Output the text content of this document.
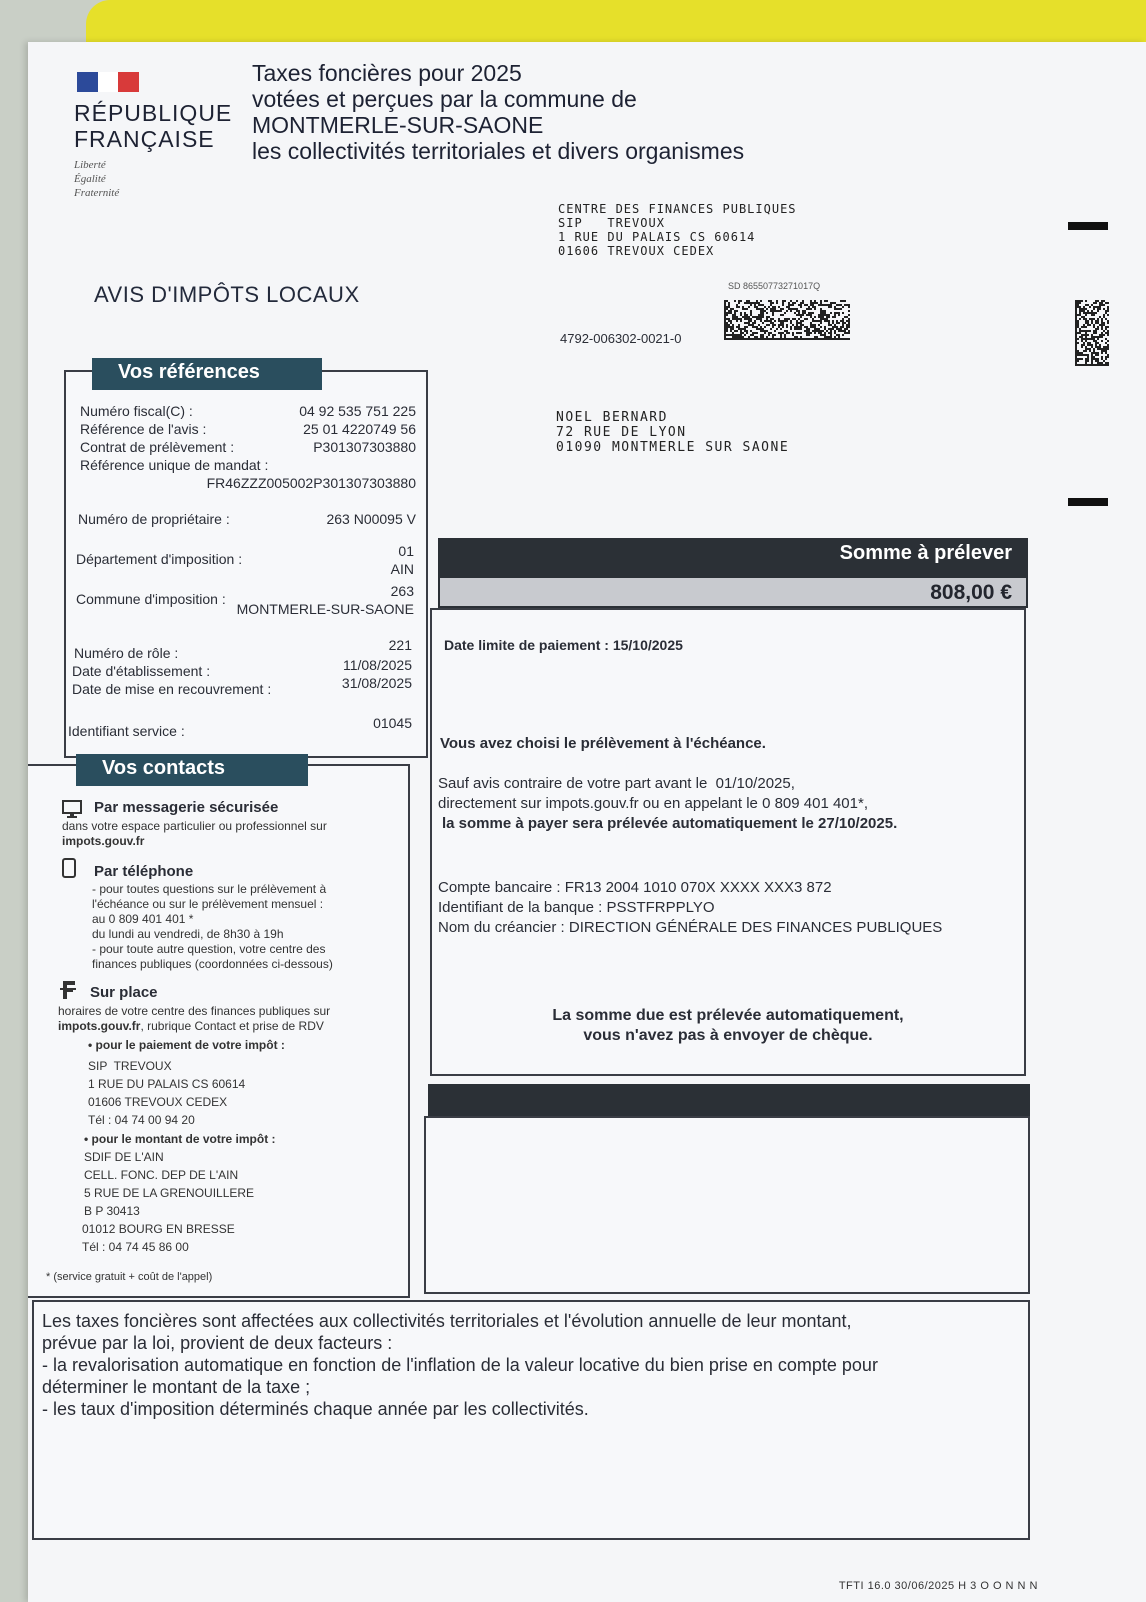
RÉPUBLIQUE
FRANÇAISE
Liberté
Égalité
Fraternité
Taxes foncières pour 2025
votées et perçues par la commune de
MONTMERLE-SUR-SAONE
les collectivités territoriales et divers organismes
CENTRE DES FINANCES PUBLIQUES
SIP   TREVOUX
1 RUE DU PALAIS CS 60614
01606 TREVOUX CEDEX
AVIS D'IMPÔTS LOCAUX	SD 86550773271017Q
4792-006302-0021-0
NOEL BERNARD
72 RUE DE LYON
01090 MONTMERLE SUR SAONE
Numéro fiscal(C) :	04 92 535 751 225
Référence de l'avis :	25 01 4220749 56
Contrat de prélèvement :	P301307303880
Référence unique de mandat :
FR46ZZZ005002P301307303880
Numéro de propriétaire :	263 N00095 V
Département d'imposition :	01
AIN
Commune d'imposition :	263
MONTMERLE-SUR-SAONE
Numéro de rôle :	221
Date d'établissement :	11/08/2025
Date de mise en recouvrement :	31/08/2025
Identifiant service :	01045
Vos références
Par messagerie sécurisée
dans votre espace particulier ou professionnel sur
impots.gouv.fr
Par téléphone
- pour toutes questions sur le prélèvement à
l'échéance ou sur le prélèvement mensuel :
au 0 809 401 401 *
du lundi au vendredi, de 8h30 à 19h
- pour toute autre question, votre centre des
finances publiques (coordonnées ci-dessous)
Sur place
horaires de votre centre des finances publiques sur
impots.gouv.fr, rubrique Contact et prise de RDV
• pour le paiement de votre impôt :
SIP  TREVOUX
1 RUE DU PALAIS CS 60614
01606 TREVOUX CEDEX
Tél : 04 74 00 94 20
• pour le montant de votre impôt :
SDIF DE L'AIN
CELL. FONC. DEP DE L'AIN
5 RUE DE LA GRENOUILLERE
B P 30413
01012 BOURG EN BRESSE
Tél : 04 74 45 86 00
* (service gratuit + coût de l'appel)
Vos contacts
Somme à prélever
808,00 €
Date limite de paiement : 15/10/2025
Vous avez choisi le prélèvement à l'échéance.
Sauf avis contraire de votre part avant le  01/10/2025,
directement sur impots.gouv.fr ou en appelant le 0 809 401 401*,
la somme à payer sera prélevée automatiquement le 27/10/2025.
Compte bancaire : FR13 2004 1010 070X XXXX XXX3 872
Identifiant de la banque : PSSTFRPPLYO
Nom du créancier : DIRECTION GÉNÉRALE DES FINANCES PUBLIQUES
La somme due est prélevée automatiquement,
vous n'avez pas à envoyer de chèque.
Les taxes foncières sont affectées aux collectivités territoriales et l'évolution annuelle de leur montant,
prévue par la loi, provient de deux facteurs :
- la revalorisation automatique en fonction de l'inflation de la valeur locative du bien prise en compte pour
déterminer le montant de la taxe ;
- les taux d'imposition déterminés chaque année par les collectivités.
TFTI 16.0 30/06/2025 H 3 O O N N N
